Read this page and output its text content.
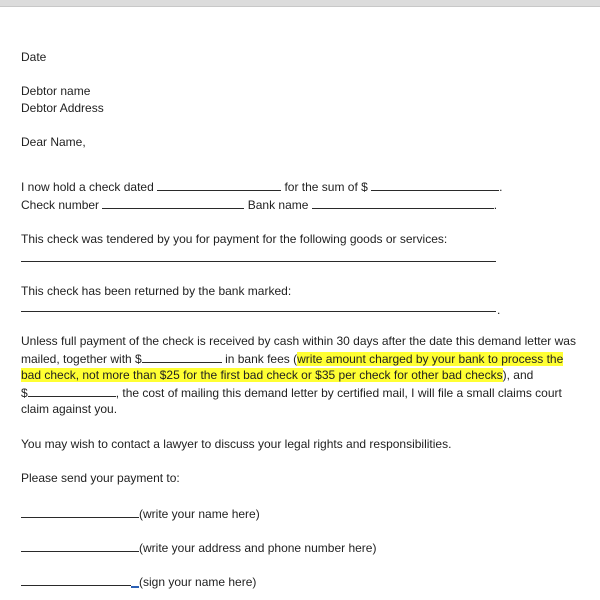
Date
Debtor name
Debtor Address
Dear Name,
I now hold a check dated	for the sum of $	.
Check number	Bank name	.
This check was tendered by you for payment for the following goods or services:
This check has been returned by the bank marked:
.
Unless full payment of the check is received by cash within 30 days after the date this demand letter was
mailed, together with $	in bank fees (write amount charged by your bank to process the
bad check, not more than $25 for the first bad check or $35 per check for other bad checks), and
$	, the cost of mailing this demand letter by certified mail, I will file a small claims court
claim against you.
You may wish to contact a lawyer to discuss your legal rights and responsibilities.
Please send your payment to:
(write your name here)
(write your address and phone number here)
(sign your name here)
